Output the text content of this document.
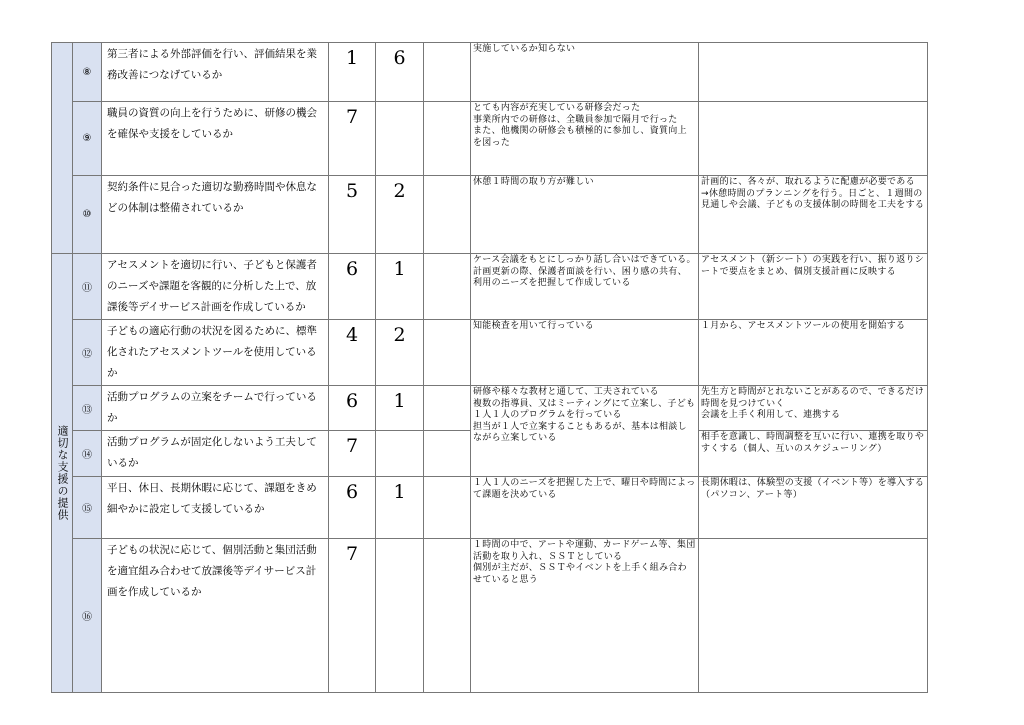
	⑧	第三者による外部評価を行い、評価結果を業務改善につなげているか	1	6		実施しているか知らない	
	⑨	職員の資質の向上を行うために、研修の機会を確保や支援をしているか	7			とても内容が充実している研修会だった
事業所内での研修は、全職員参加で隔月で行った
また、他機関の研修会も積極的に参加し、資質向上を図った	
	⑩	契約条件に見合った適切な勤務時間や休息などの体制は整備されているか	5	2		休憩１時間の取り方が難しい	計画的に、各々が、取れるように配慮が必要である
→休憩時間のプランニングを行う。日ごと、１週間の見通しや会議、子どもの支援体制の時間を工夫をする

適切な支援の提供	⑪	アセスメントを適切に行い、子どもと保護者のニーズや課題を客観的に分析した上で、放課後等デイサービス計画を作成しているか	6	1		ケース会議をもとにしっかり話し合いはできている。計画更新の際、保護者面談を行い、困り感の共有、利用のニーズを把握して作成している	アセスメント（新シート）の実践を行い、振り返りシートで要点をまとめ、個別支援計画に反映する
	⑫	子どもの適応行動の状況を図るために、標準化されたアセスメントツールを使用しているか	4	2		知能検査を用いて行っている	１月から、アセスメントツールの使用を開始する
	⑬	活動プログラムの立案をチームで行っているか	6	1		研修や様々な教材と通して、工夫されている
複数の指導員、又はミーティングにて立案し、子ども１人１人のプログラムを行っている
担当が１人で立案することもあるが、基本は相談しながら立案している	先生方と時間がとれないことがあるので、できるだけ時間を見つけていく
会議を上手く利用して、連携する
	⑭	活動プログラムが固定化しないよう工夫しているか	7				相手を意識し、時間調整を互いに行い、連携を取りやすくする（個人、互いのスケジューリング）
	⑮	平日、休日、長期休暇に応じて、課題をきめ細やかに設定して支援しているか	6	1		１人１人のニーズを把握した上で、曜日や時間によって課題を決めている	長期休暇は、体験型の支援（イベント等）を導入する（パソコン、アート等）
	⑯	子どもの状況に応じて、個別活動と集団活動を適宜組み合わせて放課後等デイサービス計画を作成しているか	7			１時間の中で、アートや運動、カードゲーム等、集団活動を取り入れ、ＳＳＴとしている
個別が主だが、ＳＳＴやイベントを上手く組み合わせていると思う	
